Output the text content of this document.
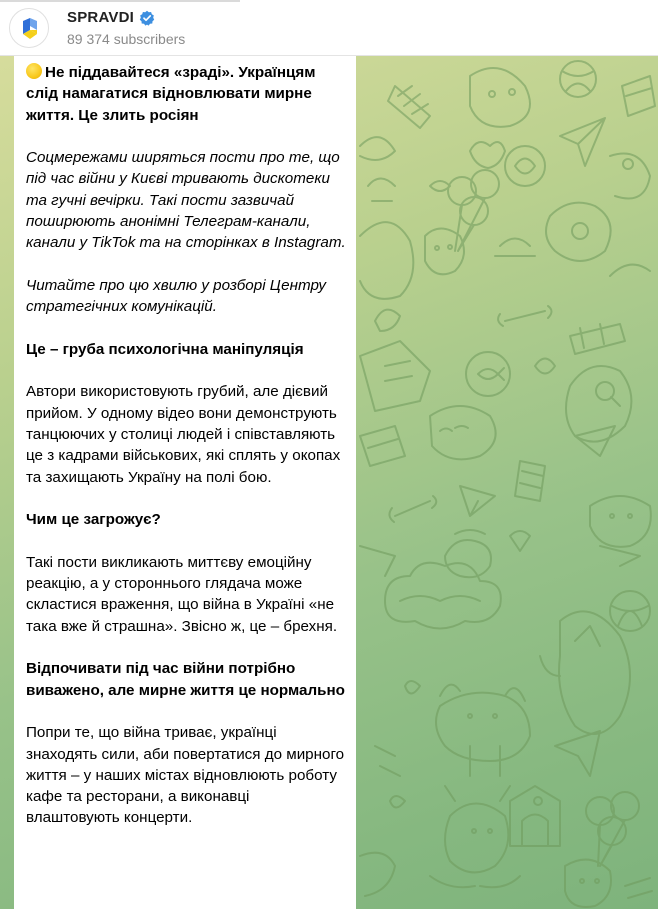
SPRAVDI
89 374 subscribers

Не піддавайтеся «зраді». Українцям слід намагатися відновлювати мирне життя. Це злить росіян

Соцмережами ширяться пости про те, що під час війни у Києві тривають дискотеки та гучні вечірки. Такі пости зазвичай поширюють анонімні Телеграм-канали, канали у TikTok та на сторінках в Instagram.

Читайте про цю хвилю у розборі Центру стратегічних комунікацій.

Це – груба психологічна маніпуляція

Автори використовують грубий, але дієвий прийом. У одному відео вони демонструють танцюючих у столиці людей і співставляють це з кадрами військових, які сплять у окопах та захищають Україну на полі бою.

Чим це загрожує?

Такі пости викликають миттєву емоційну реакцію, а у стороннього глядача може скластися враження, що війна в Україні «не така вже й страшна». Звісно ж, це – брехня.

Відпочивати під час війни потрібно виважено, але мирне життя це нормально

Попри те, що війна триває, українці знаходять сили, аби повертатися до мирного життя – у наших містах відновлюють роботу кафе та ресторани, а виконавці влаштовують концерти.
